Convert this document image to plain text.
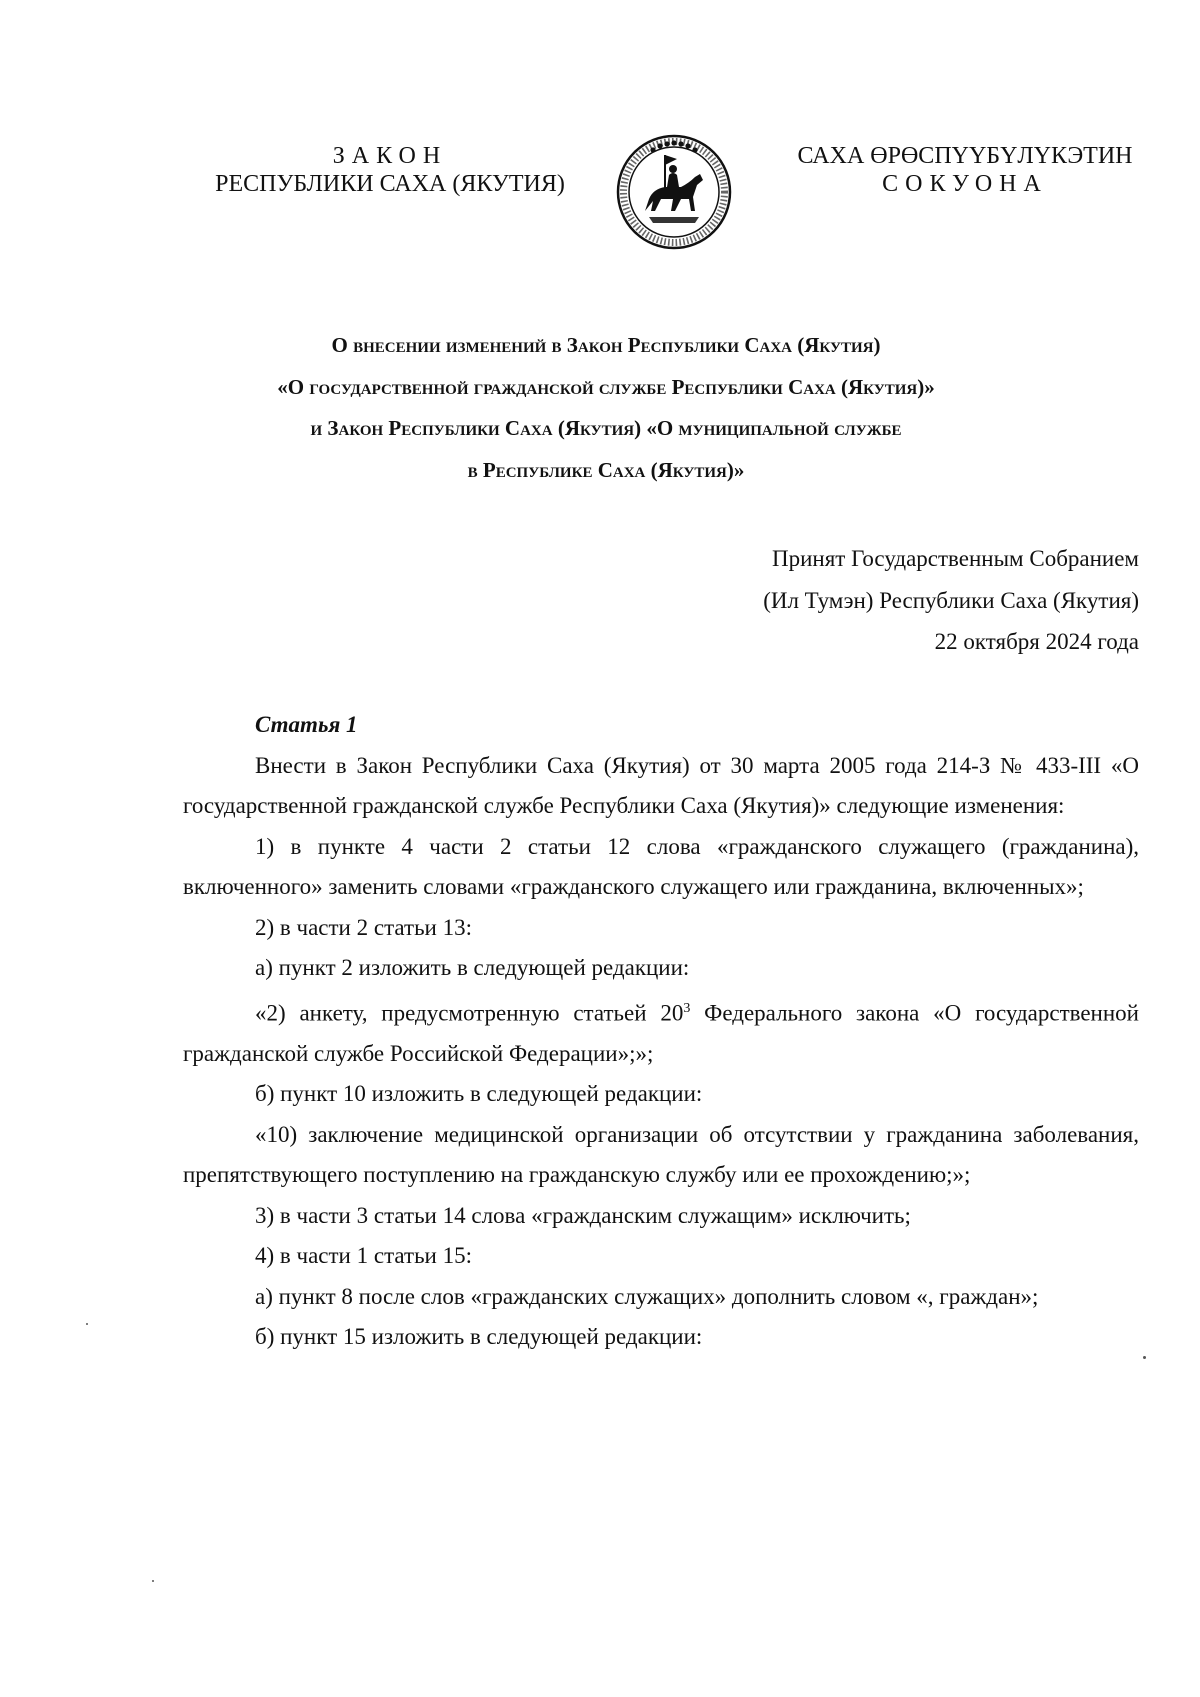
ЗАКОН
РЕСПУБЛИКИ САХА (ЯКУТИЯ)
САХА ӨРӨСПҮҮБҮЛҮКЭТИН
СОКУОНА
О внесении изменений в Закон Республики Саха (Якутия)
«О государственной гражданской службе Республики Саха (Якутия)»
и Закон Республики Саха (Якутия) «О муниципальной службе
в Республике Саха (Якутия)»
Принят Государственным Собранием
(Ил Тумэн) Республики Саха (Якутия)
22 октября 2024 года
Статья 1
Внести в Закон Республики Саха (Якутия) от 30 марта 2005 года 214-З № 433-III «О государственной гражданской службе Республики Саха (Якутия)» следующие изменения:
1) в пункте 4 части 2 статьи 12 слова «гражданского служащего (гражданина), включенного» заменить словами «гражданского служащего или гражданина, включенных»;
2) в части 2 статьи 13:
а) пункт 2 изложить в следующей редакции:
«2) анкету, предусмотренную статьей $20^3$ Федерального закона «О государственной гражданской службе Российской Федерации»;»;
б) пункт 10 изложить в следующей редакции:
«10) заключение медицинской организации об отсутствии у гражданина заболевания, препятствующего поступлению на гражданскую службу или ее прохождению;»;
3) в части 3 статьи 14 слова «гражданским служащим» исключить;
4) в части 1 статьи 15:
а) пункт 8 после слов «гражданских служащих» дополнить словом «, граждан»;
б) пункт 15 изложить в следующей редакции:
